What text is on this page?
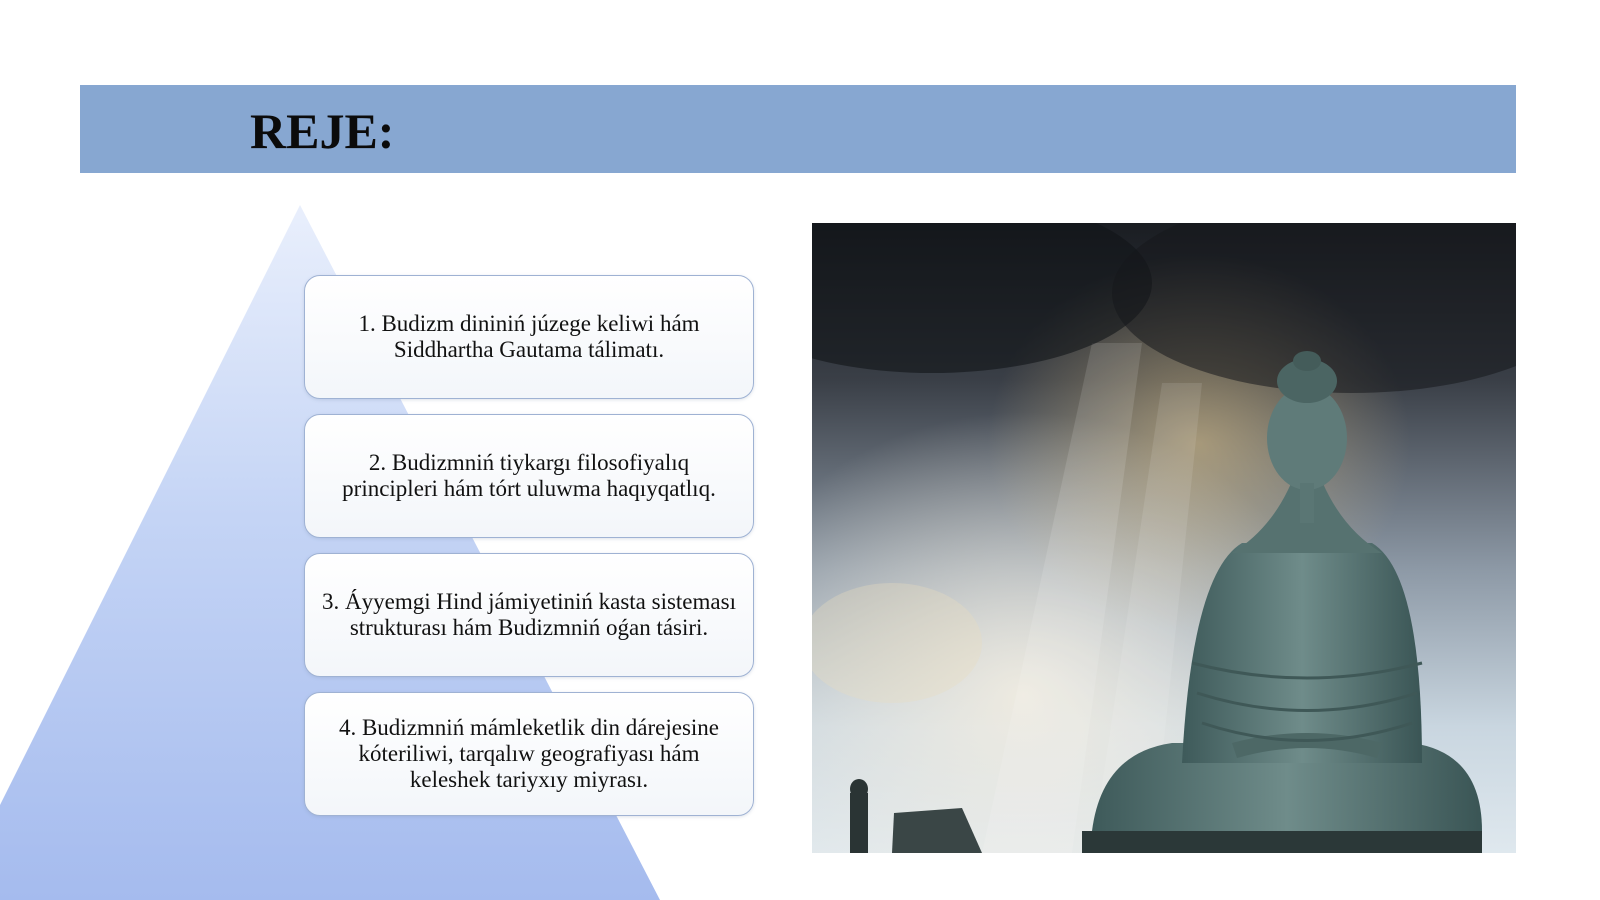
REJE:
1. Budizm dininiń júzege keliwi hám Siddhartha Gautama tálimatı.
2. Budizmniń tiykargı filosofiyalıq principleri hám tórt uluwma haqıyqatlıq.
3. Áyyemgi Hind jámiyetiniń kasta sisteması strukturası hám Budizmniń oǵan tásiri.
4. Budizmniń mámleketlik din dárejesine kóteriliwi, tarqalıw geografiyası hám keleshek tariyxıy miyrası.
